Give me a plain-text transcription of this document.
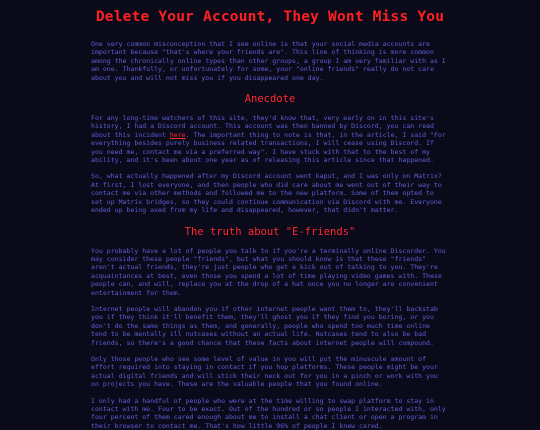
Delete Your Account, They Wont Miss You

One very common misconception that I see online is that your social media accounts are important because "that's where your friends are". This line of thinking is more common among the chronically online types than other groups, a group I am very familiar with as I am one. Thankfully, or unfortunately for some, your "online friends" really do not care about you and will not miss you if you disappeared one day.

Anecdote

For any long-time watchers of this site, they'd know that, very early on in this site's history, I had a Discord account. This account was then banned by Discord, you can read about this incident here. The important thing to note is that, in the article, I said "For everything besides purely business related transactions, I will cease using Discord. If you need me, contact me via a preferred way". I have stuck with that to the best of my ability, and it's been about one year as of releasing this article since that happened.

So, what actually happened after my Discord account went kaput, and I was only on Matrix? At first, I lost everyone, and then people who did care about me went out of their way to contact me via other methods and followed me to the new platform. Some of them opted to set up Matrix bridges, so they could continue communication via Discord with me. Everyone ended up being axed from my life and disappeared, however, that didn't matter.

The truth about "E-friends"

You probably have a lot of people you talk to if you're a terminally online Discorder. You may consider these people "friends", but what you should know is that these "friends" aren't actual friends, they're just people who get a kick out of talking to you. They're acquaintances at best, even those you spend a lot of time playing video games with. These people can, and will, replace you at the drop of a hat once you no longer are convenient entertainment for them.

Internet people will abandon you if other internet people want them to, they'll backstab you if they think it'll benefit them, they'll ghost you if they find you boring, or you don't do the same things as them, and generally, people who spend too much time online tend to be mentally ill nutcases without an actual life. Nutcases tend to also be bad friends, so there's a good chance that these facts about internet people will compound.

Only those people who see some level of value in you will put the minuscule amount of effort required into staying in contact if you hop platforms. These people might be your actual digital friends and will stick their neck out for you in a pinch or work with you on projects you have. These are the valuable people that you found online.

I only had a handful of people who were at the time willing to swap platform to stay in contact with me. Four to be exact. Out of the hundred or so people I interacted with, only four percent of them cared enough about me to install a chat client or open a program in their browser to contact me. That's how little 96% of people I knew cared.
